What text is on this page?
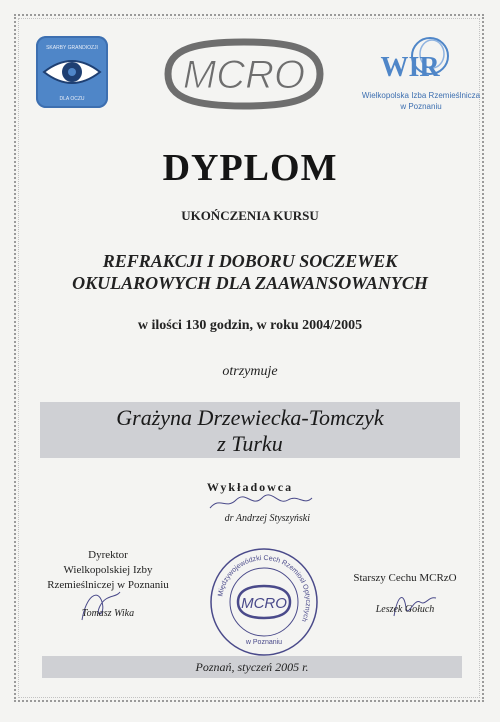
SKARBY GRANDIOZJI
DLA OCZU
MCRO	WIR
Wielkopolska Izba Rzemieślnicza
w Poznaniu
DYPLOM
UKOŃCZENIA KURSU
REFRAKCJI I DOBORU SOCZEWEK
OKULAROWYCH DLA ZAAWANSOWANYCH
w ilości 130 godzin, w roku 2004/2005
otrzymuje
Grażyna Drzewiecka-Tomczyk
z Turku
Wykładowca
dr Andrzej Styszyński
Dyrektor
Wielkopolskiej Izby
Rzemieślniczej w Poznaniu
Tomasz Wika
Międzywojewódzki Cech Rzemiosł Optycznych
MCRO
w Poznaniu
Starszy Cechu MCRzO
Leszek Gołuch
Poznań, styczeń 2005 r.
